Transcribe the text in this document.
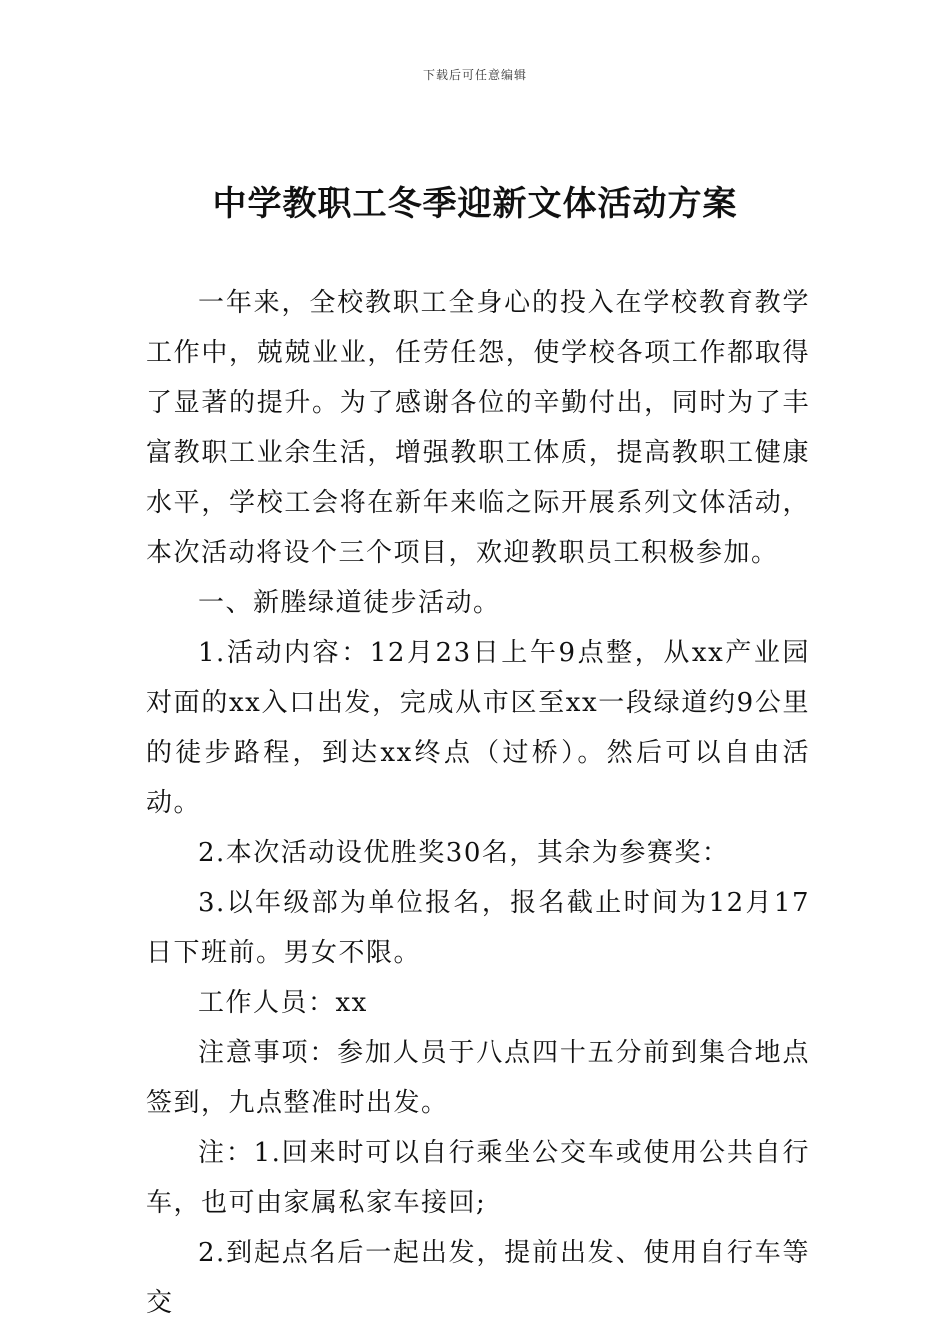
下载后可任意编辑
中学教职工冬季迎新文体活动方案

一年来，全校教职工全身心的投入在学校教育教学工作中，兢兢业业，任劳任怨，使学校各项工作都取得了显著的提升。为了感谢各位的辛勤付出，同时为了丰富教职工业余生活，增强教职工体质，提高教职工健康水平，学校工会将在新年来临之际开展系列文体活动，本次活动将设个三个项目，欢迎教职员工积极参加。

一、新塍绿道徒步活动。

1.活动内容：12月23日上午9点整，从xx产业园对面的xx入口出发，完成从市区至xx一段绿道约9公里的徒步路程，到达xx终点（过桥）。然后可以自由活动。

2.本次活动设优胜奖30名，其余为参赛奖：

3.以年级部为单位报名，报名截止时间为12月17日下班前。男女不限。

工作人员：xx

注意事项：参加人员于八点四十五分前到集合地点签到，九点整准时出发。

注：1.回来时可以自行乘坐公交车或使用公共自行车，也可由家属私家车接回;

2.到起点名后一起出发，提前出发、使用自行车等交
